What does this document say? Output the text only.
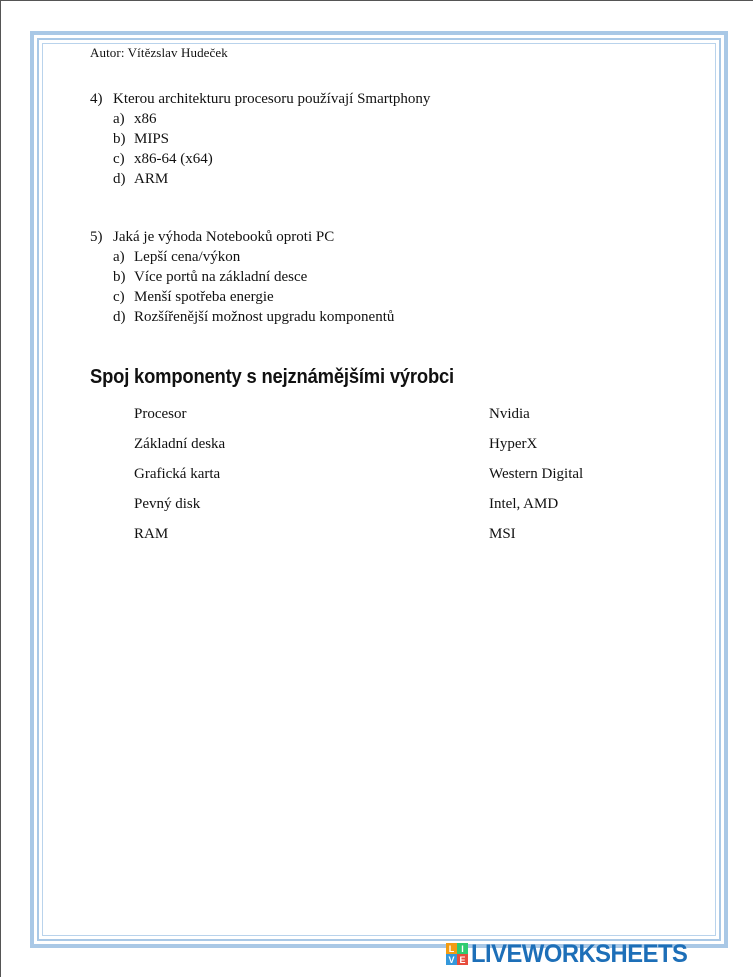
Autor: Vítězslav Hudeček
4) Kterou architekturu procesoru používají Smartphony
a) x86
b) MIPS
c) x86-64 (x64)
d) ARM
5) Jaká je výhoda Notebooků oproti PC
a) Lepší cena/výkon
b) Více portů na základní desce
c) Menší spotřeba energie
d) Rozšířenější možnost upgradu komponentů
Spoj komponenty s nejznámějšími výrobci
Procesor
Základní deska
Grafická karta
Pevný disk
RAM
Nvidia
HyperX
Western Digital
Intel, AMD
MSI
L I
V E LIVEWORKSHEETS
